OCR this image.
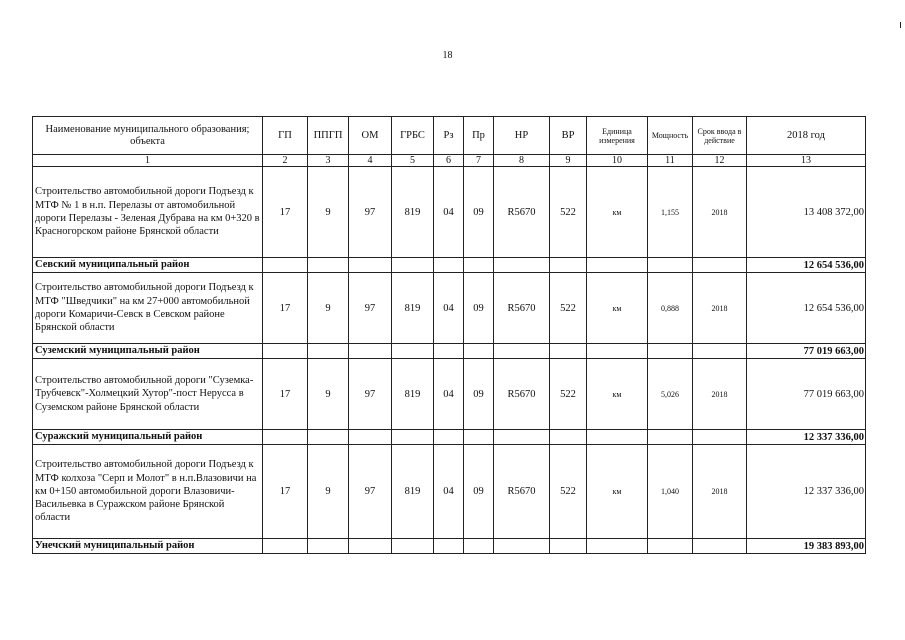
18
Наименование муниципального образования; объекта	ГП	ППГП	ОМ	ГРБС	Рз	Пр	НР	ВР	Единица измерения	Мощность	Срок ввода в действие	2018 год
1	2	3	4	5	6	7	8	9	10	11	12	13
Строительство автомобильной дороги Подъезд к МТФ № 1 в н.п. Перелазы от автомобильной дороги Перелазы - Зеленая Дубрава на км 0+320 в Красногорском районе Брянской области	17	9	97	819	04	09	R5670	522	км	1,155	2018	13 408 372,00
Севский муниципальный район												12 654 536,00
Строительство автомобильной дороги Подъезд к МТФ "Шведчики" на км 27+000 автомобильной дороги Комаричи-Севск в Севском районе Брянской области	17	9	97	819	04	09	R5670	522	км	0,888	2018	12 654 536,00
Суземский муниципальный район												77 019 663,00
Строительство автомобильной дороги "Суземка-Трубчевск"-Холмецкий Хутор"-пост Нерусса в Суземском районе Брянской области	17	9	97	819	04	09	R5670	522	км	5,026	2018	77 019 663,00
Суражский муниципальный район												12 337 336,00
Строительство автомобильной дороги Подъезд к МТФ колхоза "Серп и Молот" в н.п.Влазовичи на км 0+150 автомобильной дороги Влазовичи-Васильевка в Суражском районе Брянской области	17	9	97	819	04	09	R5670	522	км	1,040	2018	12 337 336,00
Унечский муниципальный район												19 383 893,00
